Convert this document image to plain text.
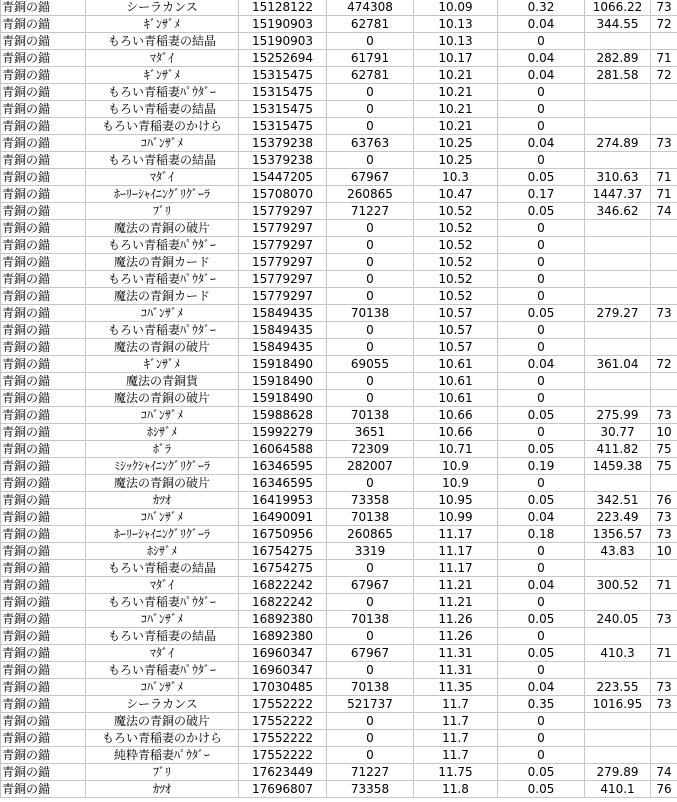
青銅の錨	シーラカンス	15128122	474308	10.09	0.32	1066.22	73
青銅の錨	ｷﾞﾝｻﾞﾒ	15190903	62781	10.13	0.04	344.55	72
青銅の錨	もろい青稲妻の結晶	15190903	0	10.13	0		
青銅の錨	ﾏﾀﾞｲ	15252694	61791	10.17	0.04	282.89	71
青銅の錨	ｷﾞﾝｻﾞﾒ	15315475	62781	10.21	0.04	281.58	72
青銅の錨	もろい青稲妻ﾊﾟｳﾀﾞｰ	15315475	0	10.21	0		
青銅の錨	もろい青稲妻の結晶	15315475	0	10.21	0		
青銅の錨	もろい青稲妻のかけら	15315475	0	10.21	0		
青銅の錨	ｺﾊﾞﾝｻﾞﾒ	15379238	63763	10.25	0.04	274.89	73
青銅の錨	もろい青稲妻の結晶	15379238	0	10.25	0		
青銅の錨	ﾏﾀﾞｲ	15447205	67967	10.3	0.05	310.63	71
青銅の錨	ﾎｰﾘｰｼｬｲﾆﾝｸﾞﾘｸﾞｰﾗ	15708070	260865	10.47	0.17	1447.37	71
青銅の錨	ﾌﾞﾘ	15779297	71227	10.52	0.05	346.62	74
青銅の錨	魔法の青銅の破片	15779297	0	10.52	0		
青銅の錨	もろい青稲妻ﾊﾟｳﾀﾞｰ	15779297	0	10.52	0		
青銅の錨	魔法の青銅カード	15779297	0	10.52	0		
青銅の錨	もろい青稲妻ﾊﾟｳﾀﾞｰ	15779297	0	10.52	0		
青銅の錨	魔法の青銅カード	15779297	0	10.52	0		
青銅の錨	ｺﾊﾞﾝｻﾞﾒ	15849435	70138	10.57	0.05	279.27	73
青銅の錨	もろい青稲妻ﾊﾟｳﾀﾞｰ	15849435	0	10.57	0		
青銅の錨	魔法の青銅の破片	15849435	0	10.57	0		
青銅の錨	ｷﾞﾝｻﾞﾒ	15918490	69055	10.61	0.04	361.04	72
青銅の錨	魔法の青銅貨	15918490	0	10.61	0		
青銅の錨	魔法の青銅の破片	15918490	0	10.61	0		
青銅の錨	ｺﾊﾞﾝｻﾞﾒ	15988628	70138	10.66	0.05	275.99	73
青銅の錨	ﾎｼｻﾞﾒ	15992279	3651	10.66	0	30.77	10
青銅の錨	ﾎﾞﾗ	16064588	72309	10.71	0.05	411.82	75
青銅の錨	ﾐｼｯｸｼｬｲﾆﾝｸﾞﾘｸﾞｰﾗ	16346595	282007	10.9	0.19	1459.38	75
青銅の錨	魔法の青銅の破片	16346595	0	10.9	0		
青銅の錨	ｶﾂｵ	16419953	73358	10.95	0.05	342.51	76
青銅の錨	ｺﾊﾞﾝｻﾞﾒ	16490091	70138	10.99	0.04	223.49	73
青銅の錨	ﾎｰﾘｰｼｬｲﾆﾝｸﾞﾘｸﾞｰﾗ	16750956	260865	11.17	0.18	1356.57	73
青銅の錨	ﾎｼｻﾞﾒ	16754275	3319	11.17	0	43.83	10
青銅の錨	もろい青稲妻の結晶	16754275	0	11.17	0		
青銅の錨	ﾏﾀﾞｲ	16822242	67967	11.21	0.04	300.52	71
青銅の錨	もろい青稲妻ﾊﾟｳﾀﾞｰ	16822242	0	11.21	0		
青銅の錨	ｺﾊﾞﾝｻﾞﾒ	16892380	70138	11.26	0.05	240.05	73
青銅の錨	もろい青稲妻の結晶	16892380	0	11.26	0		
青銅の錨	ﾏﾀﾞｲ	16960347	67967	11.31	0.05	410.3	71
青銅の錨	もろい青稲妻ﾊﾟｳﾀﾞｰ	16960347	0	11.31	0		
青銅の錨	ｺﾊﾞﾝｻﾞﾒ	17030485	70138	11.35	0.04	223.55	73
青銅の錨	シーラカンス	17552222	521737	11.7	0.35	1016.95	73
青銅の錨	魔法の青銅の破片	17552222	0	11.7	0		
青銅の錨	もろい青稲妻のかけら	17552222	0	11.7	0		
青銅の錨	純粋青稲妻ﾊﾟｳﾀﾞｰ	17552222	0	11.7	0		
青銅の錨	ﾌﾞﾘ	17623449	71227	11.75	0.05	279.89	74
青銅の錨	ｶﾂｵ	17696807	73358	11.8	0.05	410.1	76
